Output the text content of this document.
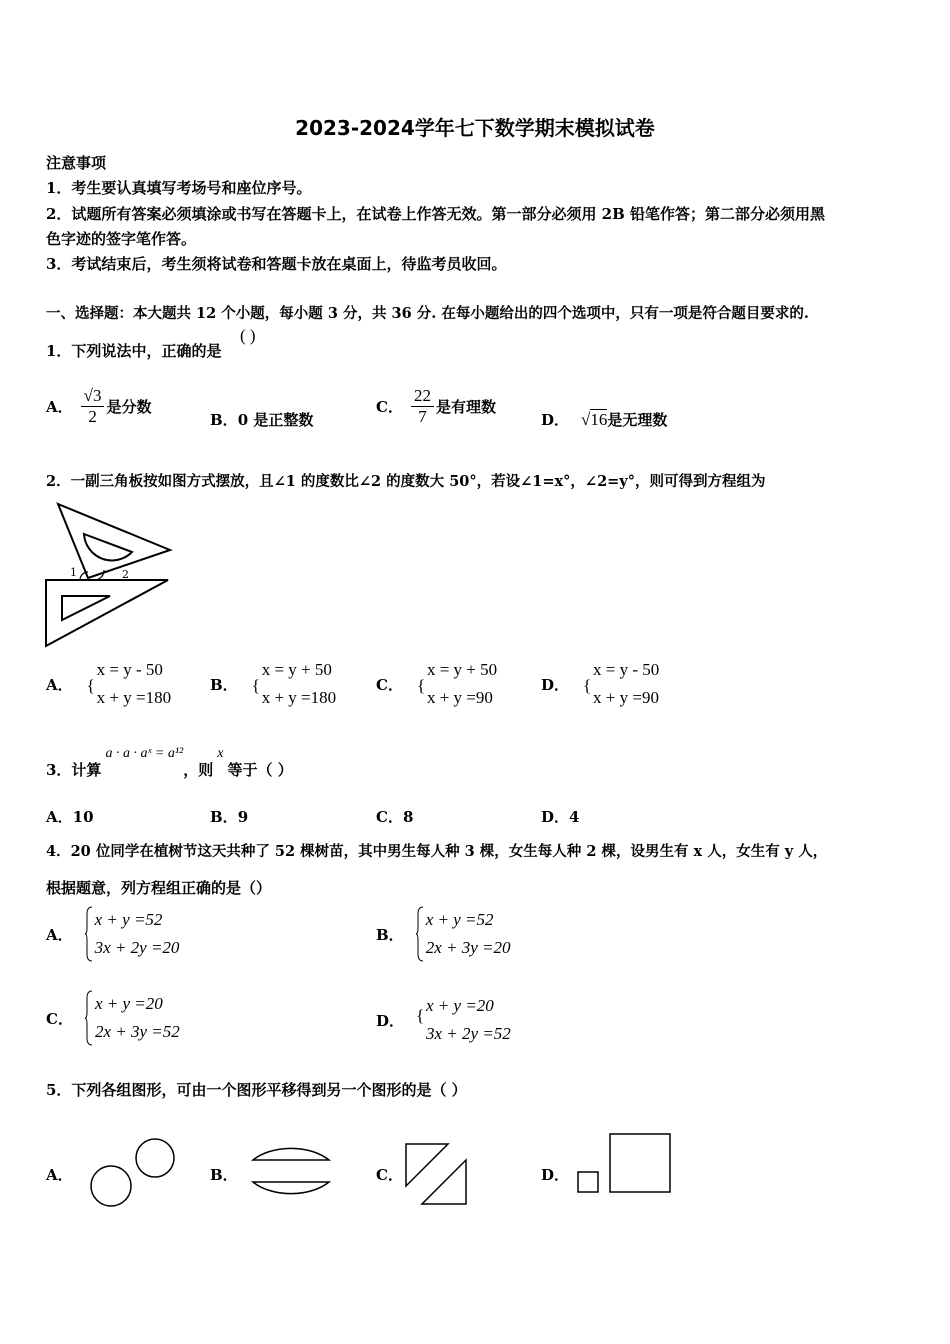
2023-2024学年七下数学期末模拟试卷
注意事项
1．考生要认真填写考场号和座位序号。
2．试题所有答案必须填涂或书写在答题卡上，在试卷上作答无效。第一部分必须用 2B 铅笔作答；第二部分必须用黑
色字迹的签字笔作答。
3．考试结束后，考生须将试卷和答题卡放在桌面上，待监考员收回。
一、选择题：本大题共 12 个小题，每小题 3 分，共 36 分. 在每小题给出的四个选项中，只有一项是符合题目要求的.
1．下列说法中，正确的是
( )
A． $\frac{√3}{2}$ 是分数
B．0 是正整数
C． $\frac{22}{7}$ 是有理数
D． √16 是无理数
2．一副三角板按如图方式摆放，且∠1 的度数比∠2 的度数大 50°，若设∠1=x°，∠2=y°，则可得到方程组为
1	2
A． {
x = y - 50
x + y =180
B． {
x = y + 50
x + y =180
C． {
x = y + 50
x + y =90
D． {
x = y - 50
x + y =90
3．计算
a · a · aˣ = a¹²
，则
x
等于（ ）
A．10	B．9	C．8	D．4
4．20 位同学在植树节这天共种了 52 棵树苗，其中男生每人种 3 棵，女生每人种 2 棵，设男生有 x 人，女生有 y 人，
根据题意，列方程组正确的是（）
A．
x + y =52
3x + 2y =20
B．
x + y =52
2x + 3y =20
C．
x + y =20
2x + 3y =52
D． {
x + y =20
3x + 2y =52
5．下列各组图形，可由一个图形平移得到另一个图形的是（ ）
A．	B．	C．	D．
